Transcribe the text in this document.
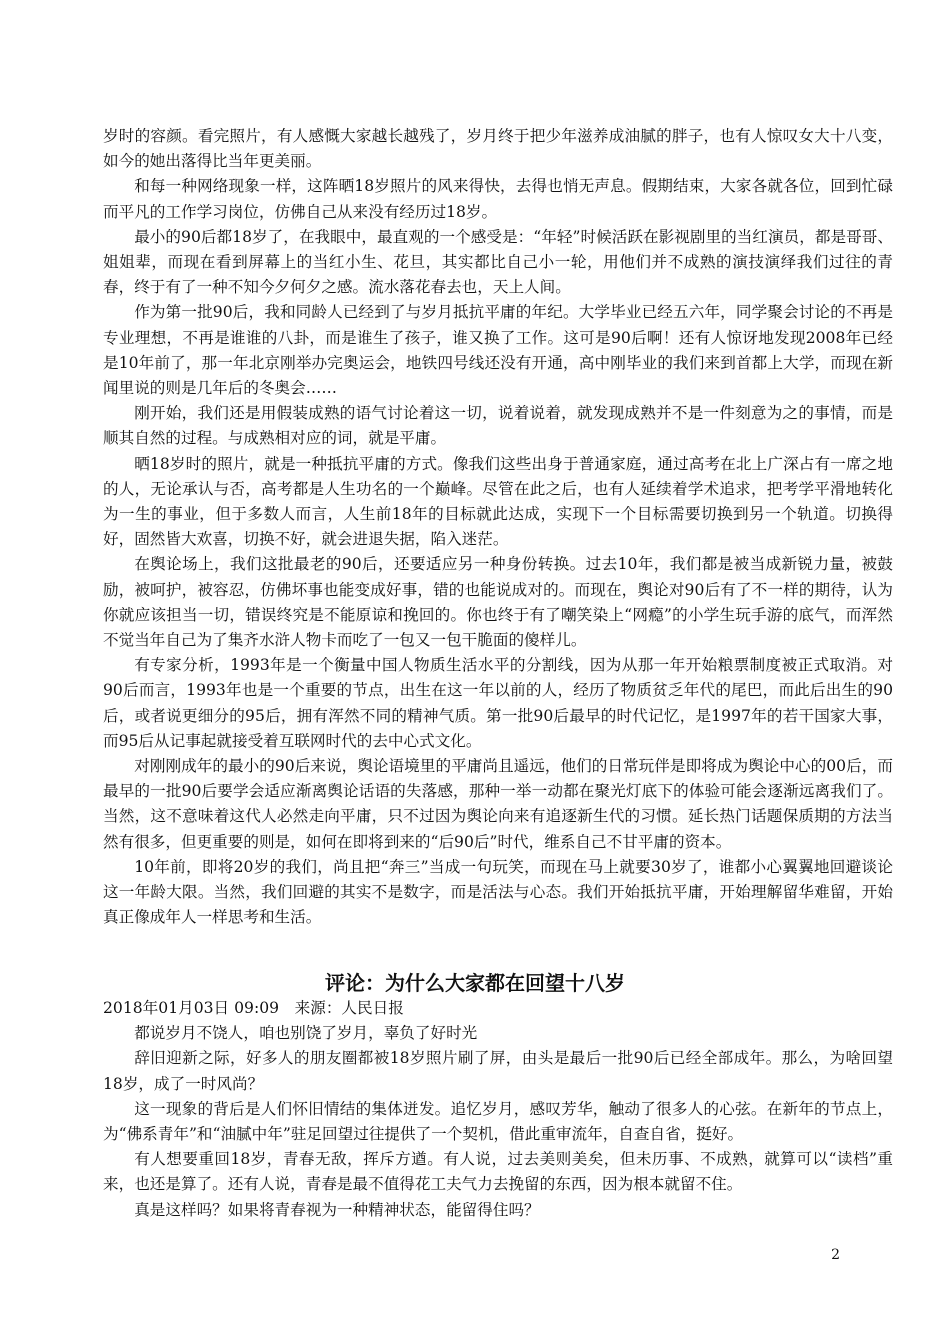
岁时的容颜。看完照片，有人感慨大家越长越残了，岁月终于把少年滋养成油腻的胖子，也有人惊叹女大十八变，如今的她出落得比当年更美丽。

和每一种网络现象一样，这阵晒18岁照片的风来得快，去得也悄无声息。假期结束，大家各就各位，回到忙碌而平凡的工作学习岗位，仿佛自己从来没有经历过18岁。

最小的90后都18岁了，在我眼中，最直观的一个感受是：“年轻”时候活跃在影视剧里的当红演员，都是哥哥、姐姐辈，而现在看到屏幕上的当红小生、花旦，其实都比自己小一轮，用他们并不成熟的演技演绎我们过往的青春，终于有了一种不知今夕何夕之感。流水落花春去也，天上人间。

作为第一批90后，我和同龄人已经到了与岁月抵抗平庸的年纪。大学毕业已经五六年，同学聚会讨论的不再是专业理想，不再是谁谁的八卦，而是谁生了孩子，谁又换了工作。这可是90后啊！还有人惊讶地发现2008年已经是10年前了，那一年北京刚举办完奥运会，地铁四号线还没有开通，高中刚毕业的我们来到首都上大学，而现在新闻里说的则是几年后的冬奥会……

刚开始，我们还是用假装成熟的语气讨论着这一切，说着说着，就发现成熟并不是一件刻意为之的事情，而是顺其自然的过程。与成熟相对应的词，就是平庸。

晒18岁时的照片，就是一种抵抗平庸的方式。像我们这些出身于普通家庭，通过高考在北上广深占有一席之地的人，无论承认与否，高考都是人生功名的一个巅峰。尽管在此之后，也有人延续着学术追求，把考学平滑地转化为一生的事业，但于多数人而言，人生前18年的目标就此达成，实现下一个目标需要切换到另一个轨道。切换得好，固然皆大欢喜，切换不好，就会进退失据，陷入迷茫。

在舆论场上，我们这批最老的90后，还要适应另一种身份转换。过去10年，我们都是被当成新锐力量，被鼓励，被呵护，被容忍，仿佛坏事也能变成好事，错的也能说成对的。而现在，舆论对90后有了不一样的期待，认为你就应该担当一切，错误终究是不能原谅和挽回的。你也终于有了嘲笑染上“网瘾”的小学生玩手游的底气，而浑然不觉当年自己为了集齐水浒人物卡而吃了一包又一包干脆面的傻样儿。

有专家分析，1993年是一个衡量中国人物质生活水平的分割线，因为从那一年开始粮票制度被正式取消。对90后而言，1993年也是一个重要的节点，出生在这一年以前的人，经历了物质贫乏年代的尾巴，而此后出生的90后，或者说更细分的95后，拥有浑然不同的精神气质。第一批90后最早的时代记忆，是1997年的若干国家大事，而95后从记事起就接受着互联网时代的去中心式文化。

对刚刚成年的最小的90后来说，舆论语境里的平庸尚且遥远，他们的日常玩伴是即将成为舆论中心的00后，而最早的一批90后要学会适应渐离舆论话语的失落感，那种一举一动都在聚光灯底下的体验可能会逐渐远离我们了。当然，这不意味着这代人必然走向平庸，只不过因为舆论向来有追逐新生代的习惯。延长热门话题保质期的方法当然有很多，但更重要的则是，如何在即将到来的“后90后”时代，维系自己不甘平庸的资本。

10年前，即将20岁的我们，尚且把“奔三”当成一句玩笑，而现在马上就要30岁了，谁都小心翼翼地回避谈论这一年龄大限。当然，我们回避的其实不是数字，而是活法与心态。我们开始抵抗平庸，开始理解留华难留，开始真正像成年人一样思考和生活。

评论：为什么大家都在回望十八岁

2018年01月03日 09:09　来源：人民日报

都说岁月不饶人，咱也别饶了岁月，辜负了好时光

辞旧迎新之际，好多人的朋友圈都被18岁照片刷了屏，由头是最后一批90后已经全部成年。那么，为啥回望18岁，成了一时风尚？

这一现象的背后是人们怀旧情结的集体迸发。追忆岁月，感叹芳华，触动了很多人的心弦。在新年的节点上，为“佛系青年”和“油腻中年”驻足回望过往提供了一个契机，借此重审流年，自查自省，挺好。

有人想要重回18岁，青春无敌，挥斥方遒。有人说，过去美则美矣，但未历事、不成熟，就算可以“读档”重来，也还是算了。还有人说，青春是最不值得花工夫气力去挽留的东西，因为根本就留不住。

真是这样吗？如果将青春视为一种精神状态，能留得住吗？

2
